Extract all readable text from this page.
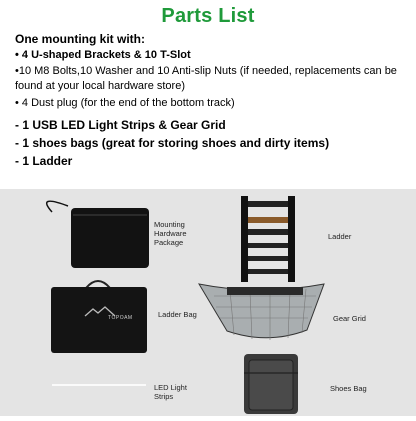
Parts List
One mounting kit with:
• 4 U-shaped Brackets & 10 T-Slot
•10 M8 Bolts,10 Washer and 10 Anti-slip Nuts (if needed, replacements can be found at your local hardware store)
• 4 Dust plug (for the end of the bottom track)
- 1 USB LED Light Strips & Gear Grid
- 1 shoes bags (great for storing shoes and dirty items)
- 1 Ladder
TOPOAM
Mounting
Hardware
Package
Ladder
Ladder Bag	Gear Grid
LED Light
Strips
Shoes Bag
